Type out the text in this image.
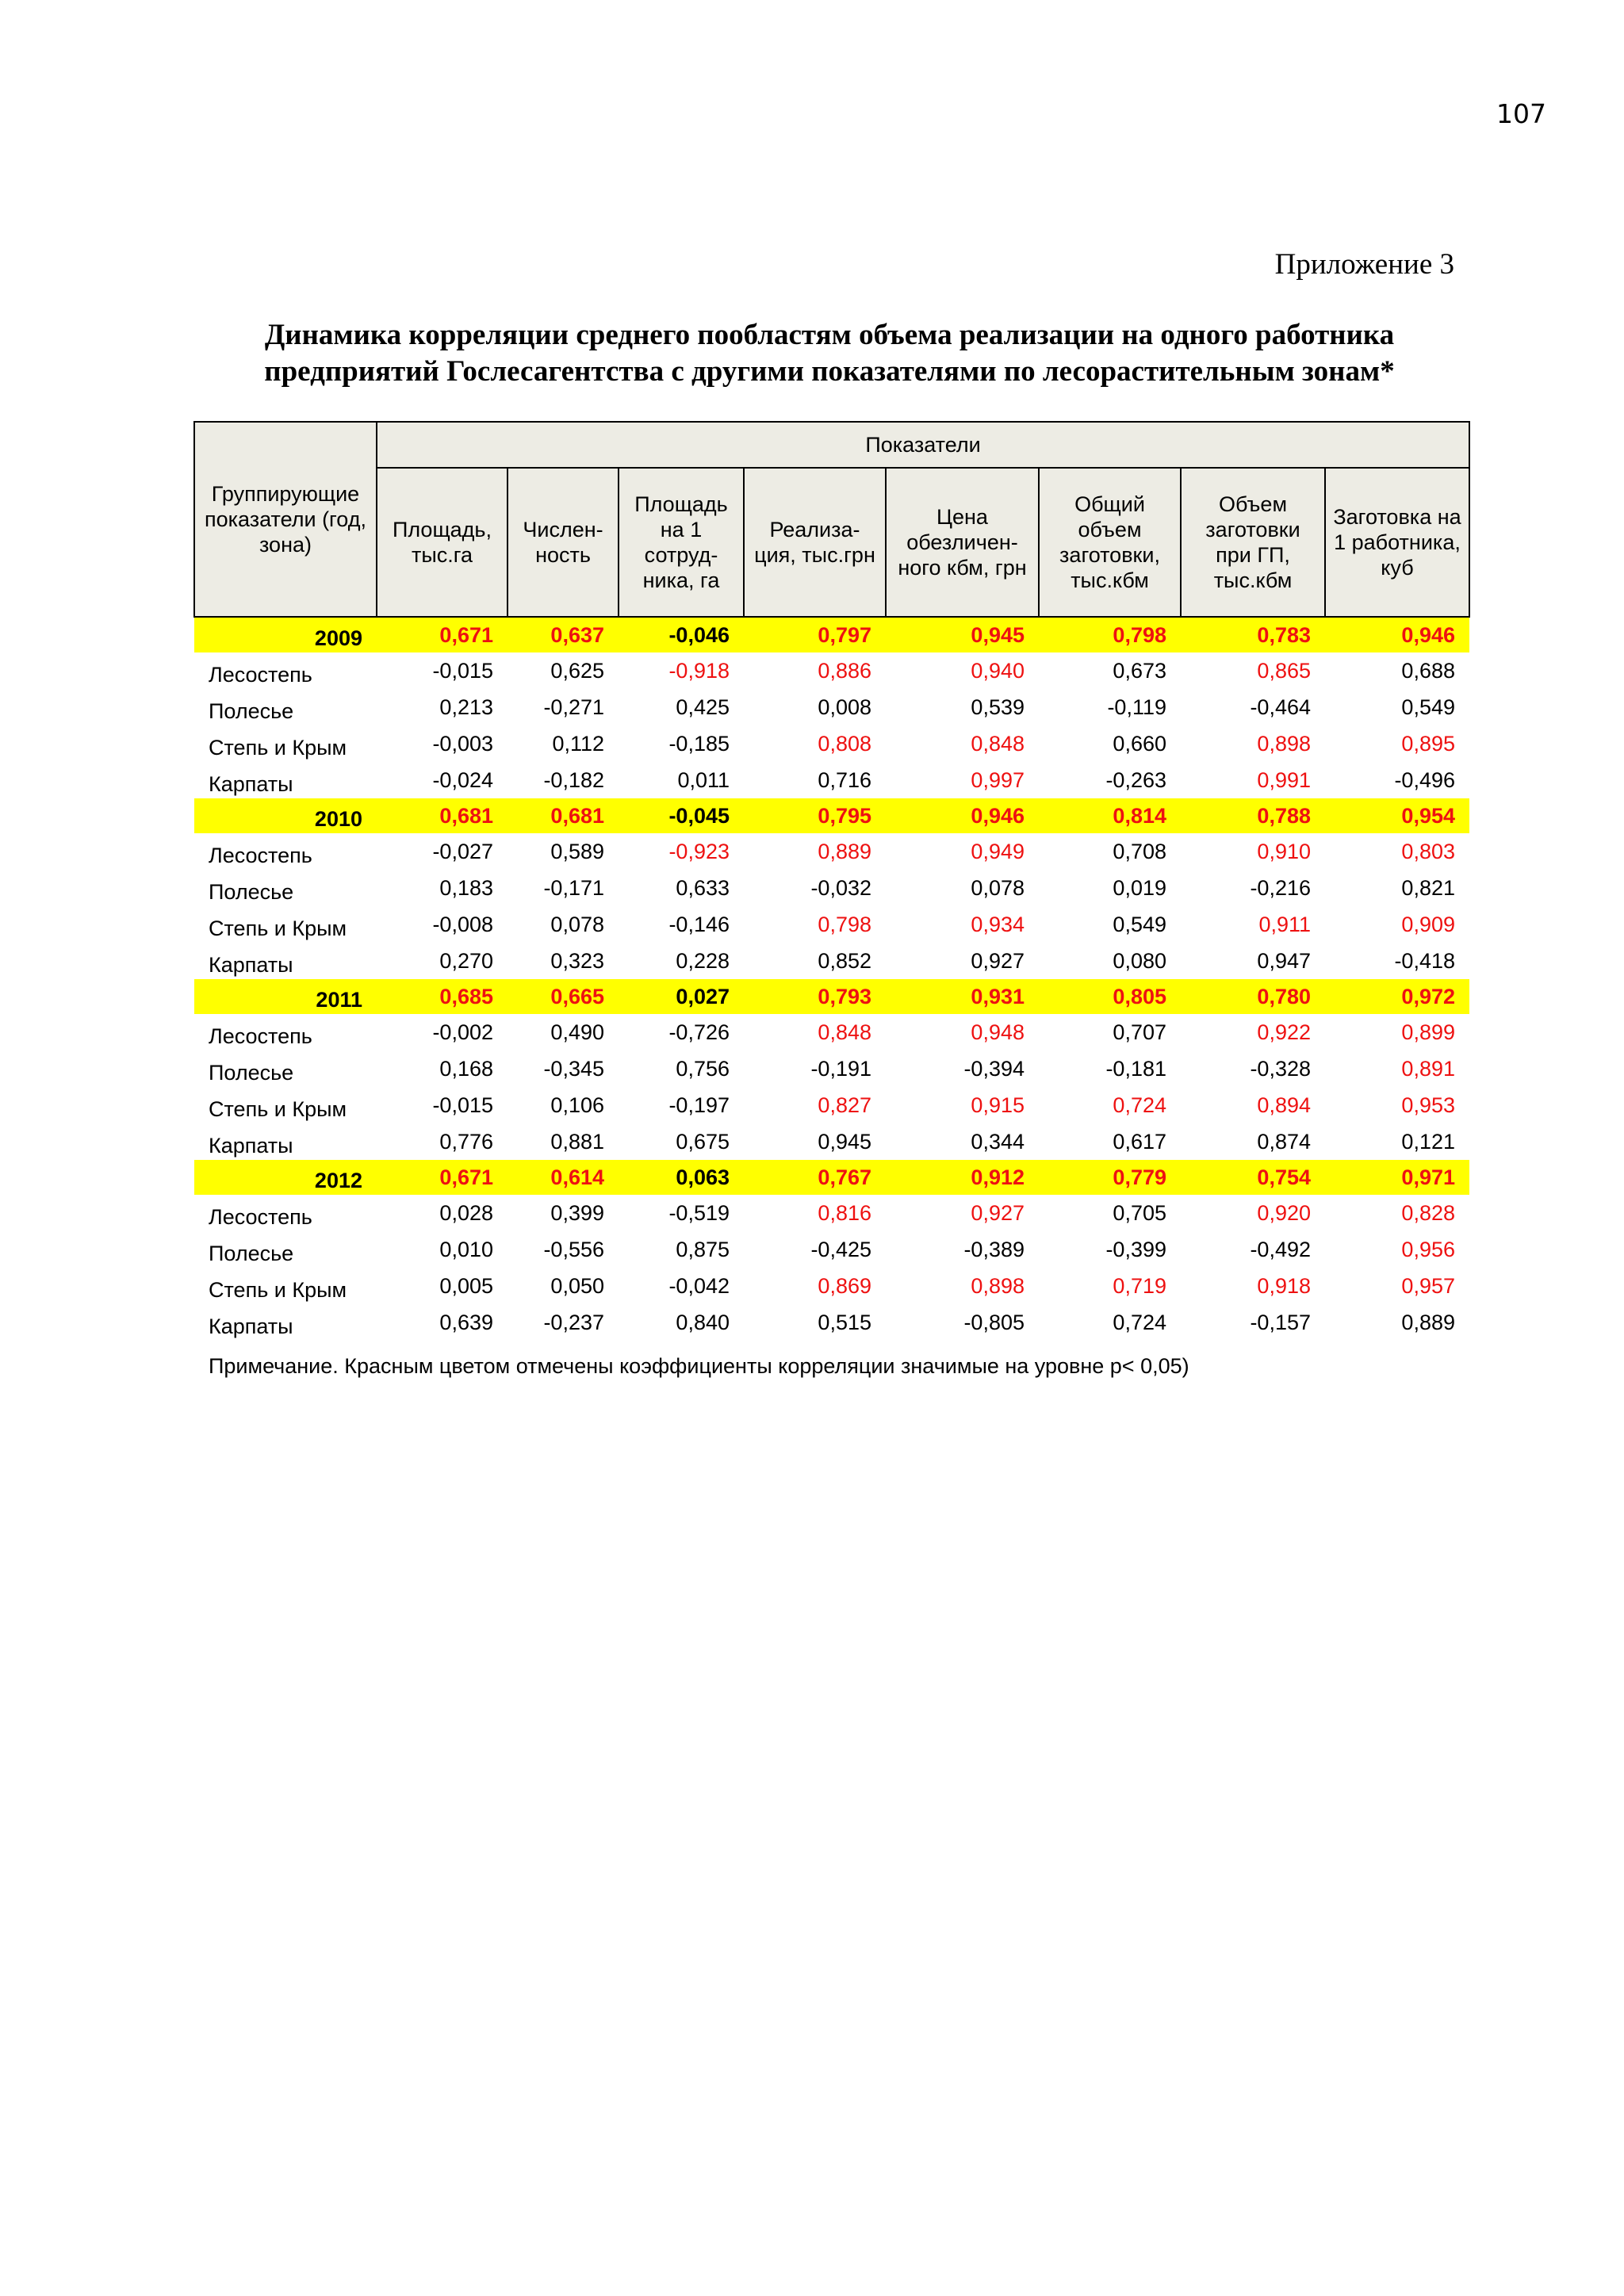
107
Приложение 3
Динамика корреляции среднего пообластям объема реализации на одного работника
предприятий Гослесагентства с другими показателями по лесорастительным зонам*
Группирующие показатели (год, зона)	Показатели							
	Площадь, тыс.га	Числен-ность	Площадь на 1 сотруд-ника, га	Реализа-ция, тыс.грн	Цена обезличен-ного кбм, грн	Общий объем заготовки, тыс.кбм	Объем заготовки при ГП, тыс.кбм	Заготовка на 1 работника, куб
2009	0,671	0,637	-0,046	0,797	0,945	0,798	0,783	0,946
Лесостепь	-0,015	0,625	-0,918	0,886	0,940	0,673	0,865	0,688
Полесье	0,213	-0,271	0,425	0,008	0,539	-0,119	-0,464	0,549
Степь и Крым	-0,003	0,112	-0,185	0,808	0,848	0,660	0,898	0,895
Карпаты	-0,024	-0,182	0,011	0,716	0,997	-0,263	0,991	-0,496
2010	0,681	0,681	-0,045	0,795	0,946	0,814	0,788	0,954
Лесостепь	-0,027	0,589	-0,923	0,889	0,949	0,708	0,910	0,803
Полесье	0,183	-0,171	0,633	-0,032	0,078	0,019	-0,216	0,821
Степь и Крым	-0,008	0,078	-0,146	0,798	0,934	0,549	0,911	0,909
Карпаты	0,270	0,323	0,228	0,852	0,927	0,080	0,947	-0,418
2011	0,685	0,665	0,027	0,793	0,931	0,805	0,780	0,972
Лесостепь	-0,002	0,490	-0,726	0,848	0,948	0,707	0,922	0,899
Полесье	0,168	-0,345	0,756	-0,191	-0,394	-0,181	-0,328	0,891
Степь и Крым	-0,015	0,106	-0,197	0,827	0,915	0,724	0,894	0,953
Карпаты	0,776	0,881	0,675	0,945	0,344	0,617	0,874	0,121
2012	0,671	0,614	0,063	0,767	0,912	0,779	0,754	0,971
Лесостепь	0,028	0,399	-0,519	0,816	0,927	0,705	0,920	0,828
Полесье	0,010	-0,556	0,875	-0,425	-0,389	-0,399	-0,492	0,956
Степь и Крым	0,005	0,050	-0,042	0,869	0,898	0,719	0,918	0,957
Карпаты	0,639	-0,237	0,840	0,515	-0,805	0,724	-0,157	0,889
Примечание. Красным цветом отмечены коэффициенты корреляции значимые на уровне р< 0,05)
